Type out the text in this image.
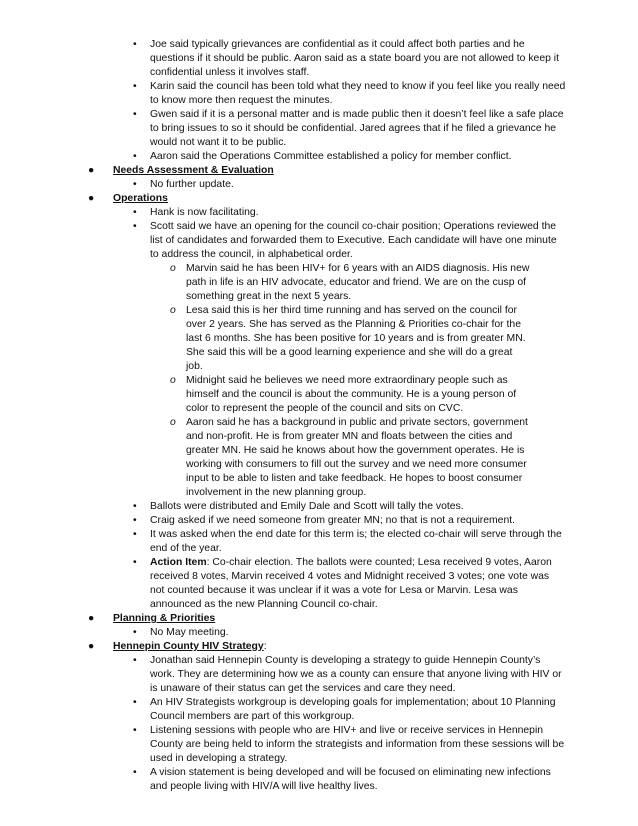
• Joe said typically grievances are confidential as it could affect both parties and he questions if it should be public. Aaron said as a state board you are not allowed to keep it confidential unless it involves staff.
• Karin said the council has been told what they need to know if you feel like you really need to know more then request the minutes.
• Gwen said if it is a personal matter and is made public then it doesn’t feel like a safe place to bring issues to so it should be confidential. Jared agrees that if he filed a grievance he would not want it to be public.
• Aaron said the Operations Committee established a policy for member conflict.
● Needs Assessment & Evaluation
• No further update.
● Operations
• Hank is now facilitating.
• Scott said we have an opening for the council co-chair position; Operations reviewed the list of candidates and forwarded them to Executive. Each candidate will have one minute to address the council, in alphabetical order.
o Marvin said he has been HIV+ for 6 years with an AIDS diagnosis. His new path in life is an HIV advocate, educator and friend. We are on the cusp of something great in the next 5 years.
o Lesa said this is her third time running and has served on the council for over 2 years. She has served as the Planning & Priorities co-chair for the last 6 months. She has been positive for 10 years and is from greater MN. She said this will be a good learning experience and she will do a great job.
o Midnight said he believes we need more extraordinary people such as himself and the council is about the community. He is a young person of color to represent the people of the council and sits on CVC.
o Aaron said he has a background in public and private sectors, government and non-profit. He is from greater MN and floats between the cities and greater MN. He said he knows about how the government operates. He is working with consumers to fill out the survey and we need more consumer input to be able to listen and take feedback. He hopes to boost consumer involvement in the new planning group.
• Ballots were distributed and Emily Dale and Scott will tally the votes.
• Craig asked if we need someone from greater MN; no that is not a requirement.
• It was asked when the end date for this term is; the elected co-chair will serve through the end of the year.
• Action Item: Co-chair election. The ballots were counted; Lesa received 9 votes, Aaron received 8 votes, Marvin received 4 votes and Midnight received 3 votes; one vote was not counted because it was unclear if it was a vote for Lesa or Marvin. Lesa was announced as the new Planning Council co-chair.
● Planning & Priorities
• No May meeting.
● Hennepin County HIV Strategy:
• Jonathan said Hennepin County is developing a strategy to guide Hennepin County’s work. They are determining how we as a county can ensure that anyone living with HIV or is unaware of their status can get the services and care they need.
• An HIV Strategists workgroup is developing goals for implementation; about 10 Planning Council members are part of this workgroup.
• Listening sessions with people who are HIV+ and live or receive services in Hennepin County are being held to inform the strategists and information from these sessions will be used in developing a strategy.
• A vision statement is being developed and will be focused on eliminating new infections and people living with HIV/A will live healthy lives.
